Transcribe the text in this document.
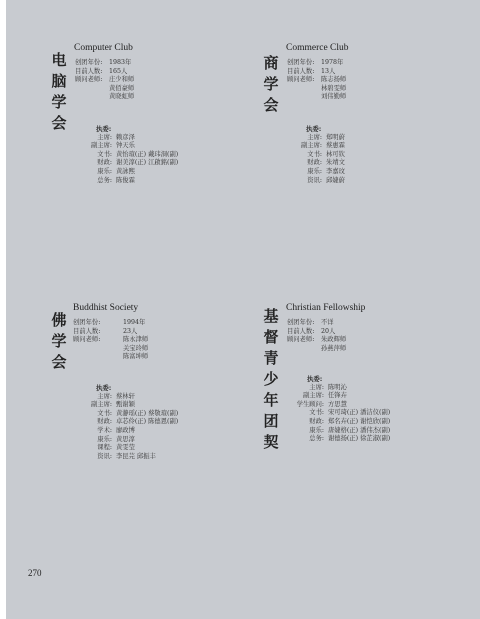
电
脑
学
会
Computer Club
创团年份:	1983年
目前人数:	165人
顾问老师:	庄少和师
黄佰豪师
黄晓虹师
执委:
主席: 赖彦泽
副主席: 钟天乐
文书: 黄怡瑄(正) 戴玮洞(副)
财政: 谢美淳(正) 江啟銘(副)
康乐: 黄詠熙
总务: 陈俊霖
商
学
会
Commerce Club
创团年份:	1978年
目前人数:	13人
顾问老师:	陈志扬师
林碧雯师
刘伟勤师
执委:
主席: 郑明蔚
副主席: 蔡惠霖
文书: 林可钦
财政: 朱靖文
康乐: 李嘉玟
资讯: 邱婕蔚
佛
学
会
Buddhist Society
创团年份:	1994年
目前人数:	23人
顾问老师:	陈永津师
关宝玲师
陈富坤师
执委:
主席: 蔡林轩
副主席: 甄谢颖
文书: 黄瀞瑶(正) 蔡敬瑄(副)
财政: 卓芯伶(正) 陈德恩(副)
学术: 廖政博
康乐: 黄思淳
课程: 黄雯莹
资讯: 李昆芫 邱振丰
基
督
青
少
年
团
契
Christian Fellowship
创团年份:	不详
目前人数:	20人
顾问老师:	朱政辉师
孙燕萍师
执委:
主席: 陈明沁
副主席: 任锋卉
学生顾问: 方思慧
文书: 宋可琦(正) 潘洁仪(副)
财政: 郑名卉(正) 谢恺欣(副)
康乐: 唐婕格(正) 潘伟杰(副)
总务: 谢德扬(正) 徐芷淑(副)
270
